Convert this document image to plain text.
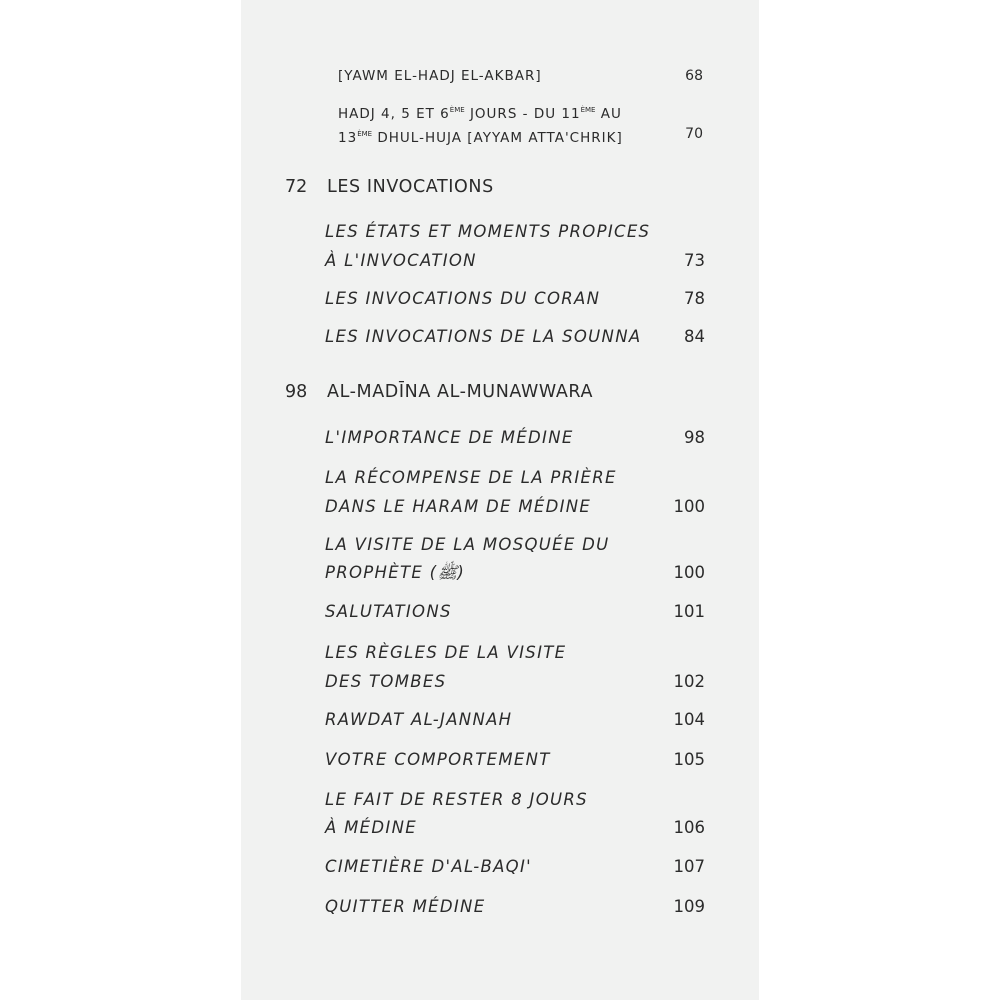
[YAWM EL-HADJ EL-AKBAR]	68
HADJ 4, 5 ET 6ÈME JOURS - DU 11ÈME AU
13ÈME DHUL-HUJA [AYYAM ATTA'CHRIK]	70
72 LES INVOCATIONS
LES ÉTATS ET MOMENTS PROPICES
À L'INVOCATION	73
LES INVOCATIONS DU CORAN	78
LES INVOCATIONS DE LA SOUNNA	84
98 AL-MADĪNA AL-MUNAWWARA
L'IMPORTANCE DE MÉDINE	98
LA RÉCOMPENSE DE LA PRIÈRE
DANS LE HARAM DE MÉDINE	100
LA VISITE DE LA MOSQUÉE DU
PROPHÈTE (ﷺ)	100
SALUTATIONS	101
LES RÈGLES DE LA VISITE
DES TOMBES	102
RAWDAT AL-JANNAH	104
VOTRE COMPORTEMENT	105
LE FAIT DE RESTER 8 JOURS
À MÉDINE	106
CIMETIÈRE D'AL-BAQI'	107
QUITTER MÉDINE	109
